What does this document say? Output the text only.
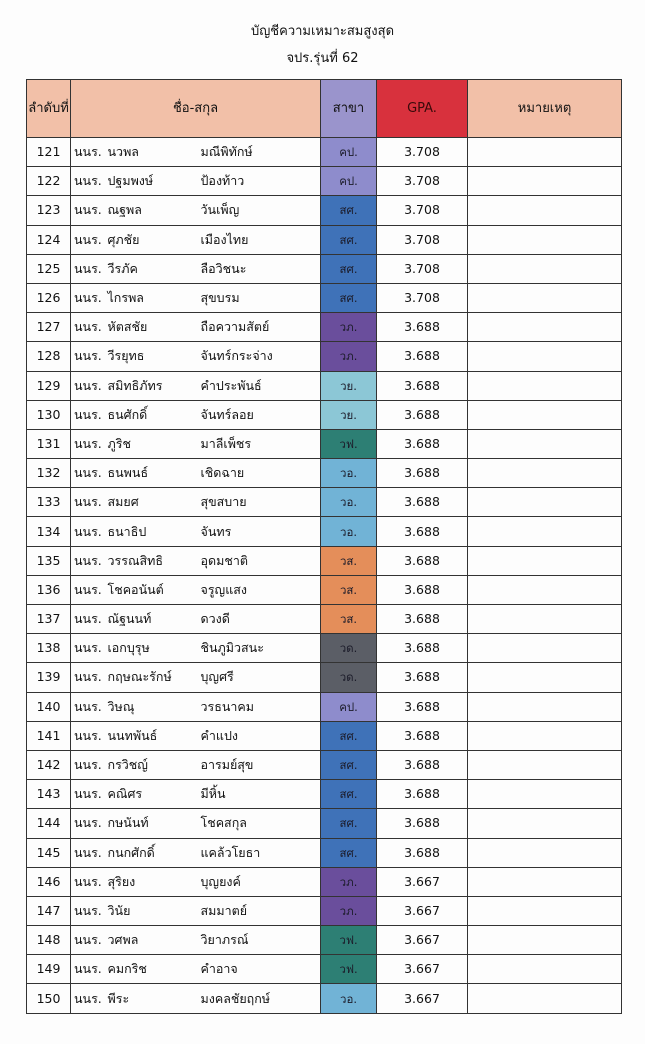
บัญชีความเหมาะสมสูงสุด
จปร.รุ่นที่ 62
ลำดับที่	ชื่อ-สกุล			สาขา	GPA.	หมายเหตุ
121	นนร.	นวพล	มณีพิทักษ์	คป.	3.708	
122	นนร.	ปฐมพงษ์	ป้องท้าว	คป.	3.708	
123	นนร.	ณฐพล	วันเพ็ญ	สศ.	3.708	
124	นนร.	ศุภชัย	เมืองไทย	สศ.	3.708	
125	นนร.	วีรภัค	ลือวิชนะ	สศ.	3.708	
126	นนร.	ไกรพล	สุขบรม	สศ.	3.708	
127	นนร.	หัตสชัย	ถือความสัตย์	วภ.	3.688	
128	นนร.	วีรยุทธ	จันทร์กระจ่าง	วภ.	3.688	
129	นนร.	สมิทธิภัทร	คำประพันธ์	วย.	3.688	
130	นนร.	ธนศักดิ์	จันทร์ลอย	วย.	3.688	
131	นนร.	ภูริช	มาลีเพ็ชร	วฟ.	3.688	
132	นนร.	ธนพนธ์	เชิดฉาย	วอ.	3.688	
133	นนร.	สมยศ	สุขสบาย	วอ.	3.688	
134	นนร.	ธนาธิป	จันทร	วอ.	3.688	
135	นนร.	วรรณสิทธิ	อุดมชาติ	วส.	3.688	
136	นนร.	โชคอนันต์	จรูญแสง	วส.	3.688	
137	นนร.	ณัฐนนท์	ดวงดี	วส.	3.688	
138	นนร.	เอกบุรุษ	ชินภูมิวสนะ	วด.	3.688	
139	นนร.	กฤษณะรักษ์	บุญศรี	วด.	3.688	
140	นนร.	วิษณุ	วรธนาคม	คป.	3.688	
141	นนร.	นนทพันธ์	คำแปง	สศ.	3.688	
142	นนร.	กรวิชญ์	อารมย์สุข	สศ.	3.688	
143	นนร.	คณิศร	มีหิ้น	สศ.	3.688	
144	นนร.	กษนันท์	โชคสกุล	สศ.	3.688	
145	นนร.	กนกศักดิ์	แคล้วโยธา	สศ.	3.688	
146	นนร.	สุริยง	บุญยงค์	วภ.	3.667	
147	นนร.	วินัย	สมมาตย์	วภ.	3.667	
148	นนร.	วศพล	วิยาภรณ์	วฟ.	3.667	
149	นนร.	คมกริช	คำอาจ	วฟ.	3.667	
150	นนร.	พีระ	มงคลชัยฤกษ์	วอ.	3.667	
